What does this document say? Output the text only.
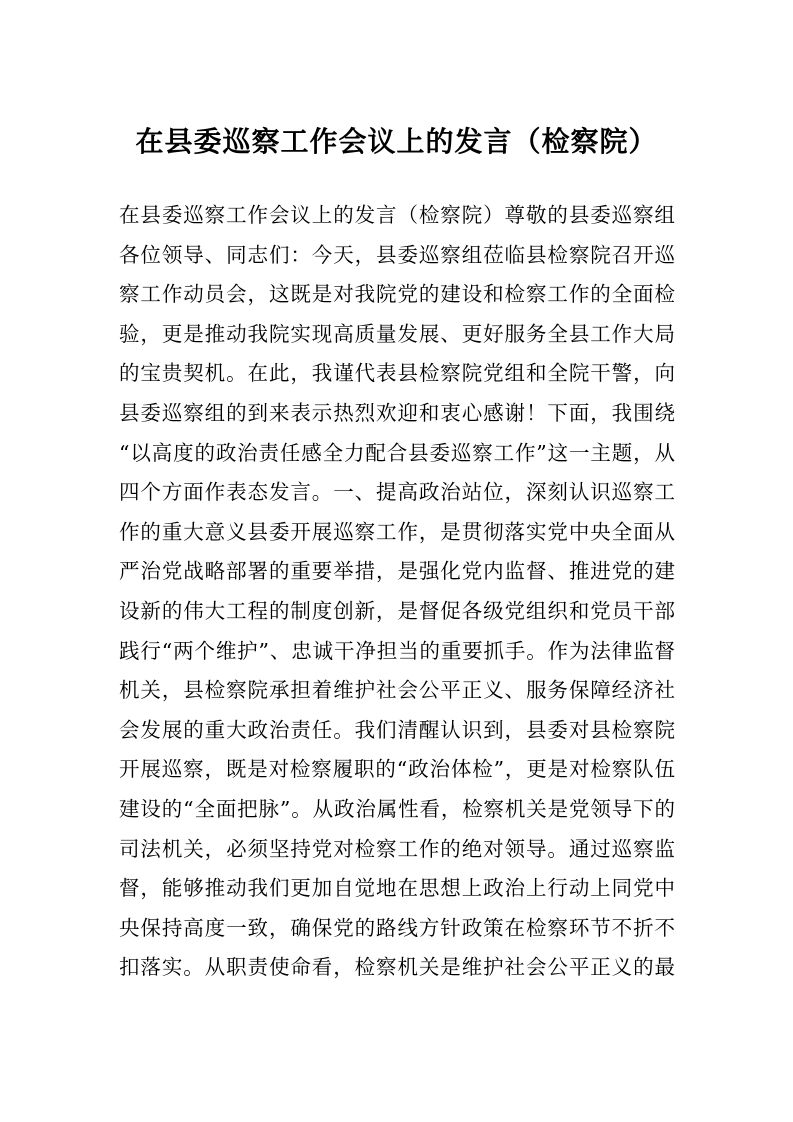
在县委巡察工作会议上的发言（检察院）
在县委巡察工作会议上的发言（检察院）尊敬的县委巡察组
各位领导、同志们：今天，县委巡察组莅临县检察院召开巡
察工作动员会，这既是对我院党的建设和检察工作的全面检
验，更是推动我院实现高质量发展、更好服务全县工作大局
的宝贵契机。在此，我谨代表县检察院党组和全院干警，向
县委巡察组的到来表示热烈欢迎和衷心感谢！下面，我围绕
“以高度的政治责任感全力配合县委巡察工作”这一主题，从
四个方面作表态发言。一、提高政治站位，深刻认识巡察工
作的重大意义县委开展巡察工作，是贯彻落实党中央全面从
严治党战略部署的重要举措，是强化党内监督、推进党的建
设新的伟大工程的制度创新，是督促各级党组织和党员干部
践行“两个维护”、忠诚干净担当的重要抓手。作为法律监督
机关，县检察院承担着维护社会公平正义、服务保障经济社
会发展的重大政治责任。我们清醒认识到，县委对县检察院
开展巡察，既是对检察履职的“政治体检”，更是对检察队伍
建设的“全面把脉”。从政治属性看，检察机关是党领导下的
司法机关，必须坚持党对检察工作的绝对领导。通过巡察监
督，能够推动我们更加自觉地在思想上政治上行动上同党中
央保持高度一致，确保党的路线方针政策在检察环节不折不
扣落实。从职责使命看，检察机关是维护社会公平正义的最
